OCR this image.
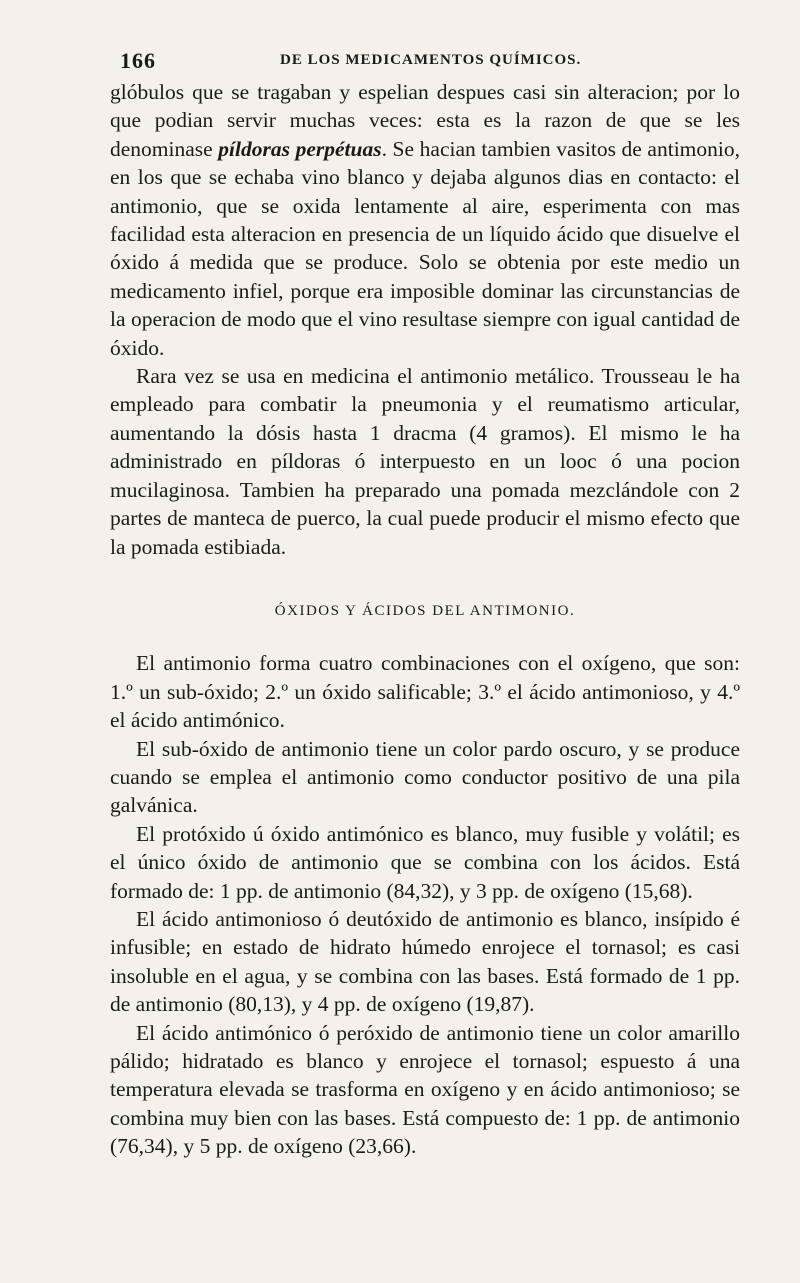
166	DE LOS MEDICAMENTOS QUÍMICOS.

glóbulos que se tragaban y espelian despues casi sin alteracion; por lo que podian servir muchas veces: esta es la razon de que se les denominase píldoras perpétuas. Se hacian tambien vasitos de antimonio, en los que se echaba vino blanco y dejaba algunos dias en contacto: el antimonio, que se oxida lentamente al aire, esperimenta con mas facilidad esta alteracion en presencia de un líquido ácido que disuelve el óxido á medida que se produce. Solo se obtenia por este medio un medicamento infiel, porque era imposible dominar las circunstancias de la operacion de modo que el vino resultase siempre con igual cantidad de óxido.

Rara vez se usa en medicina el antimonio metálico. Trousseau le ha empleado para combatir la pneumonia y el reumatismo articular, aumentando la dósis hasta 1 dracma (4 gramos). El mismo le ha administrado en píldoras ó interpuesto en un looc ó una pocion mucilaginosa. Tambien ha preparado una pomada mezclándole con 2 partes de manteca de puerco, la cual puede producir el mismo efecto que la pomada estibiada.

ÓXIDOS Y ÁCIDOS DEL ANTIMONIO.

El antimonio forma cuatro combinaciones con el oxígeno, que son: 1.º un sub-óxido; 2.º un óxido salificable; 3.º el ácido antimonioso, y 4.º el ácido antimónico.

El sub-óxido de antimonio tiene un color pardo oscuro, y se produce cuando se emplea el antimonio como conductor positivo de una pila galvánica.

El protóxido ú óxido antimónico es blanco, muy fusible y volátil; es el único óxido de antimonio que se combina con los ácidos. Está formado de: 1 pp. de antimonio (84,32), y 3 pp. de oxígeno (15,68).

El ácido antimonioso ó deutóxido de antimonio es blanco, insípido é infusible; en estado de hidrato húmedo enrojece el tornasol; es casi insoluble en el agua, y se combina con las bases. Está formado de 1 pp. de antimonio (80,13), y 4 pp. de oxígeno (19,87).

El ácido antimónico ó peróxido de antimonio tiene un color amarillo pálido; hidratado es blanco y enrojece el tornasol; espuesto á una temperatura elevada se trasforma en oxígeno y en ácido antimonioso; se combina muy bien con las bases. Está compuesto de: 1 pp. de antimonio (76,34), y 5 pp. de oxígeno (23,66).
